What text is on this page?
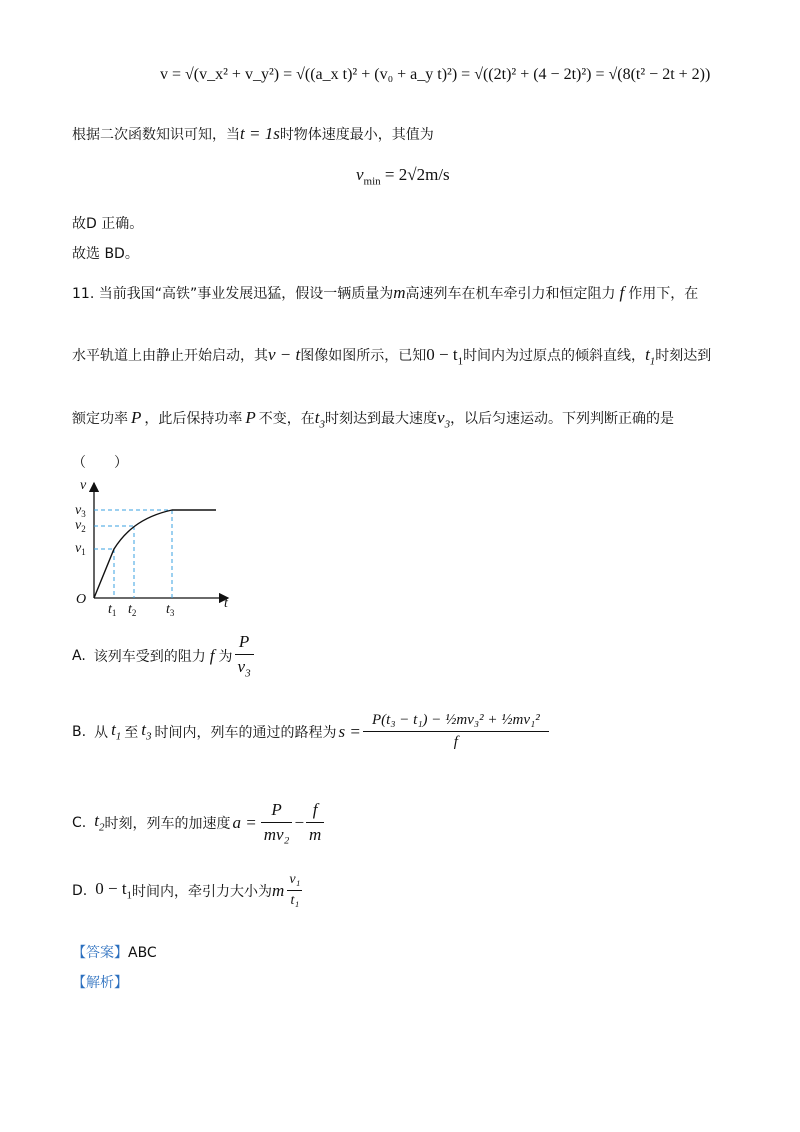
v = √(v_x² + v_y²) = √((a_x t)² + (v₀ + a_y t)²) = √((2t)² + (4 − 2t)²) = √(8(t² − 2t + 2))
根据二次函数知识可知，当t = 1s时物体速度最小，其值为
$v_{min} = 2√2m/s$
故D 正确。
故选 BD。
11. 当前我国“高铁”事业发展迅猛，假设一辆质量为m高速列车在机车牵引力和恒定阻力 f 作用下，在
水平轨道上由静止开始启动，其v − t图像如图所示，已知$0 - t_1$时间内为过原点的倾斜直线，$t_1$时刻达到
额定功率 P ，此后保持功率 P 不变，在$t_3$时刻达到最大速度$v_3$，以后匀速运动。下列判断正确的是
（　　）
v
t
O
$v_3$
$v_2$
$v_1$
$t_1$ $t_2$ $t_3$
A. 该列车受到的阻力 f 为 $\frac{P}{v_3}$
B. 从 $t_1$ 至 $t_3$ 时间内，列车的通过的路程为 $s = \frac{\text{P(t₃ − t₁) − ½mv₃² + ½mv₁²}}{f}$
C. $t_2$ 时刻，列车的加速度 $a = \frac{P}{\text{mv₂}} - \frac{f}{m}$
D. $0 - t_1$ 时间内，牵引力大小为 m $\frac{\text{v₁}}{\text{t₁}}$
【答案】ABC
【解析】
